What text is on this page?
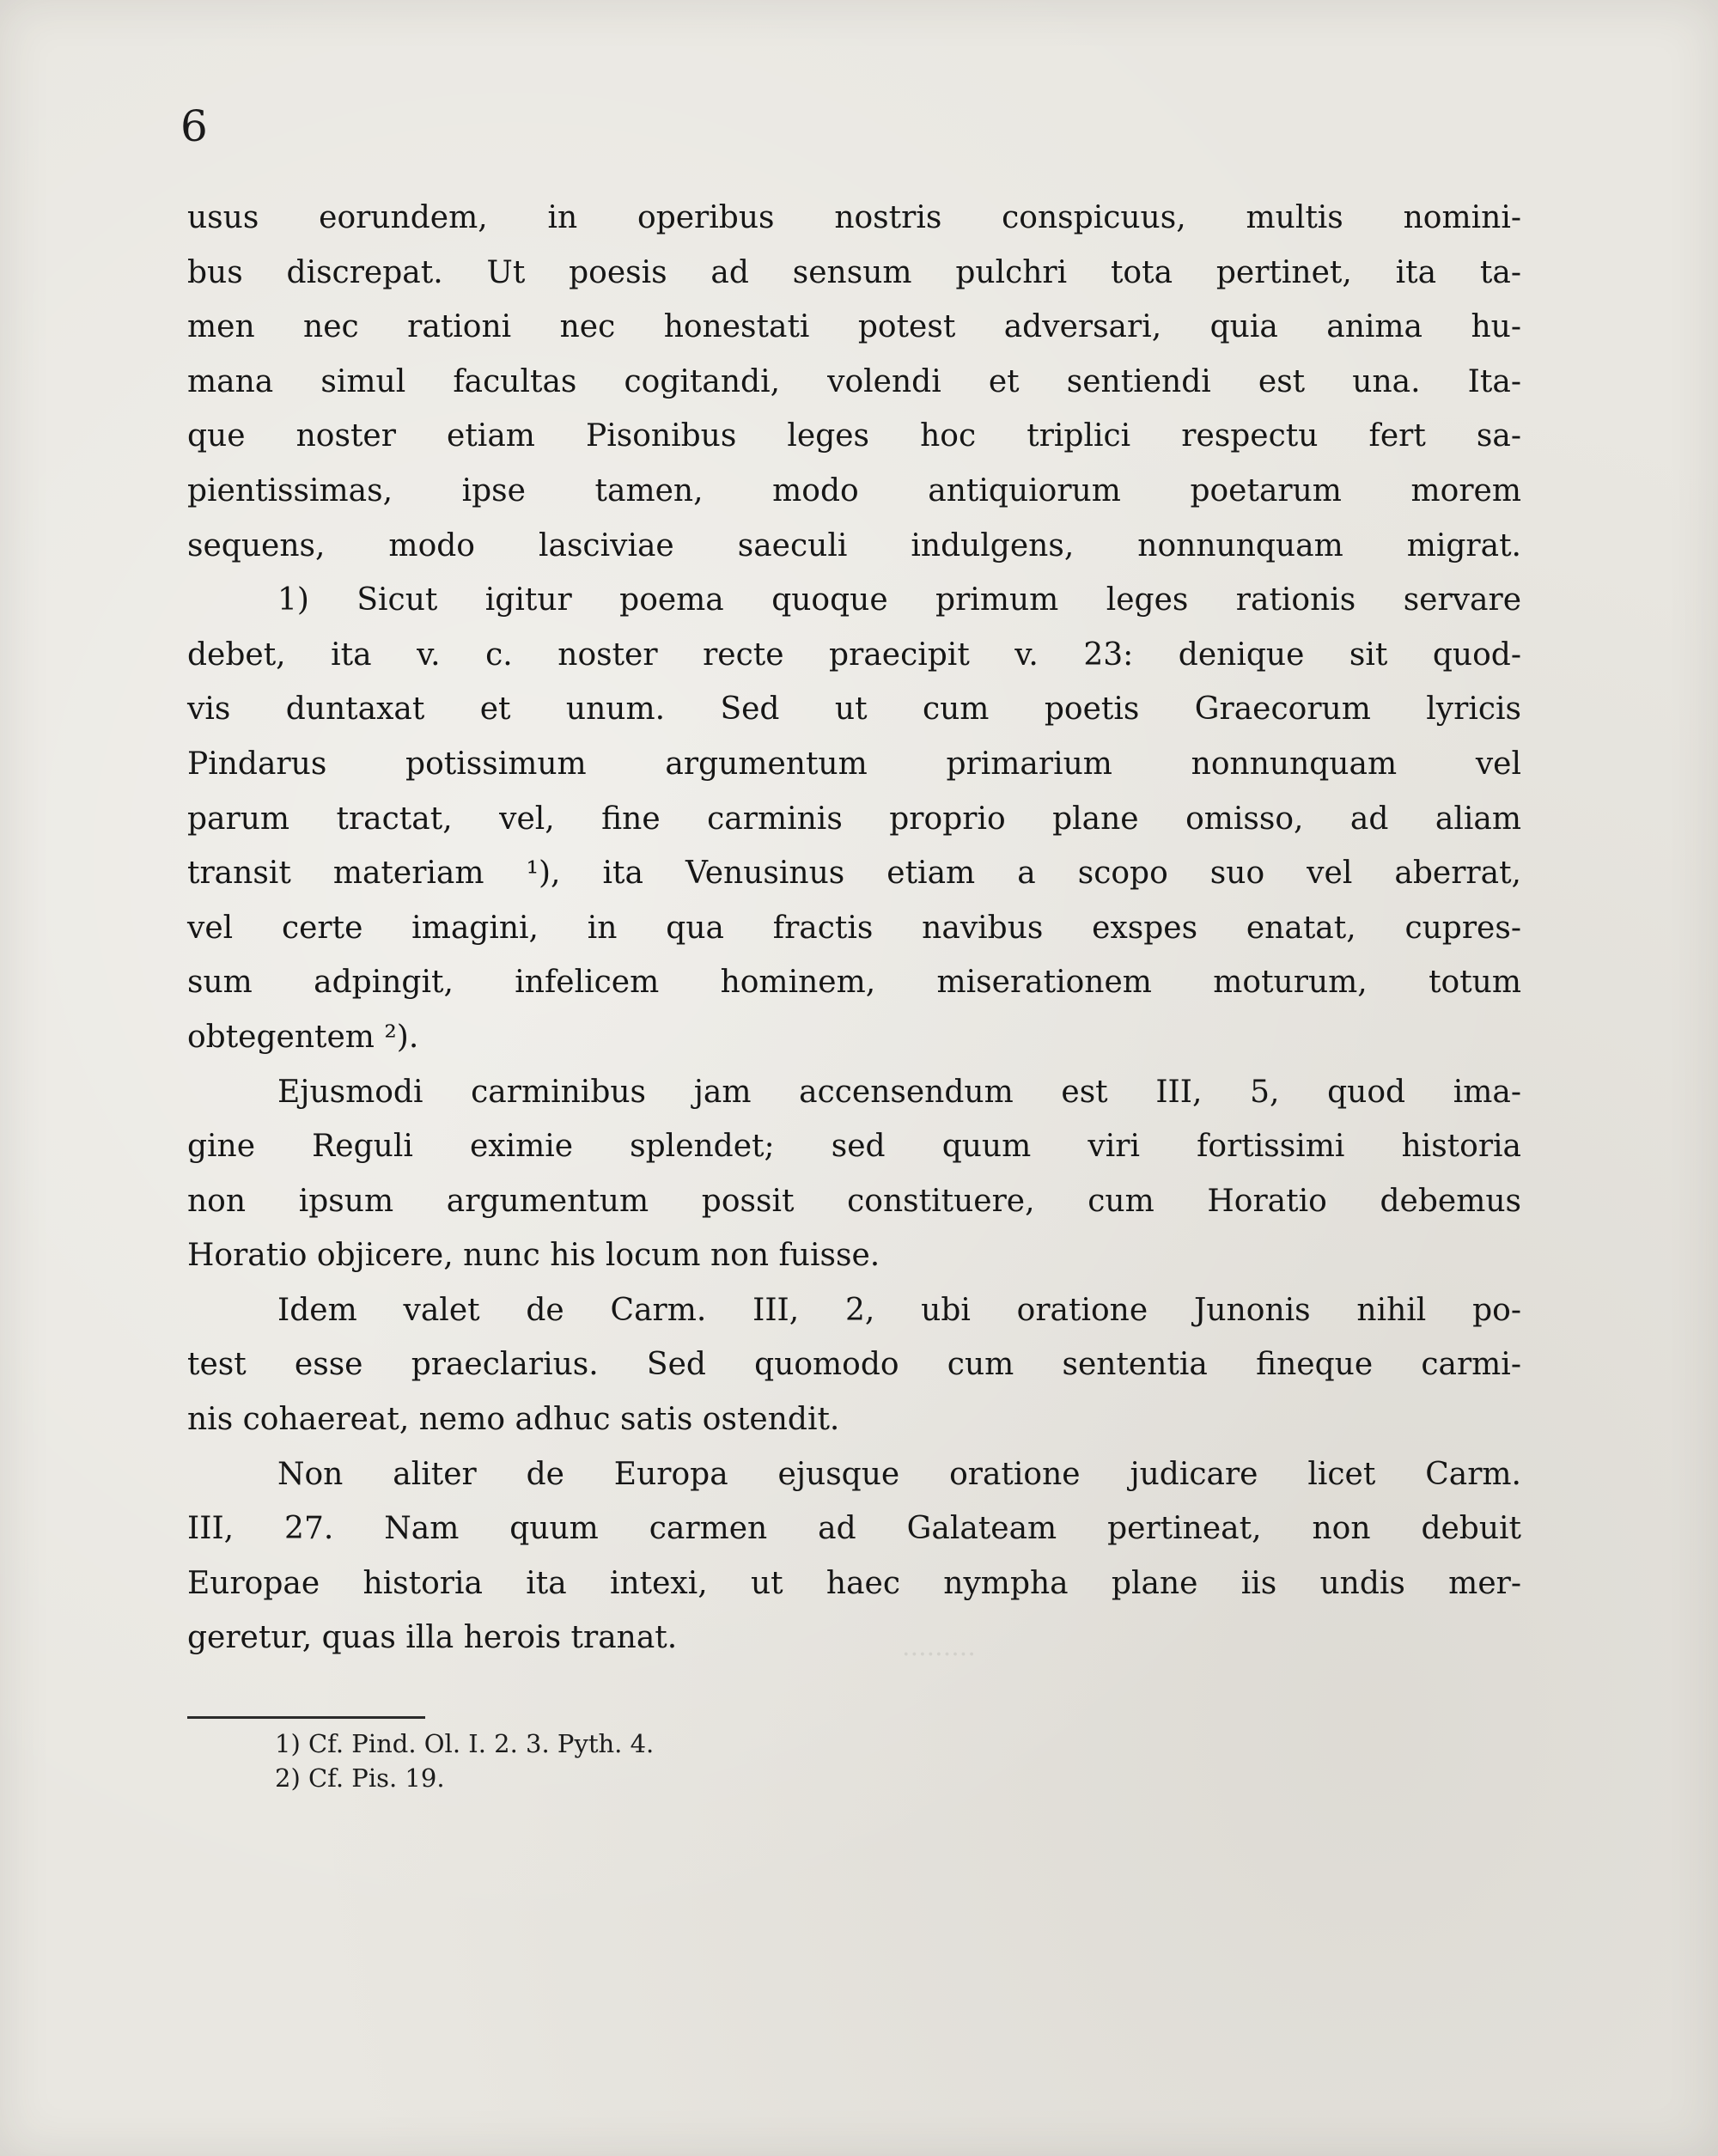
.........
6
usus eorundem, in operibus nostris conspicuus, multis nomini-
bus discrepat. Ut poesis ad sensum pulchri tota pertinet, ita ta-
men nec rationi nec honestati potest adversari, quia anima hu-
mana simul facultas cogitandi, volendi et sentiendi est una. Ita-
que noster etiam Pisonibus leges hoc triplici respectu fert sa-
pientissimas, ipse tamen, modo antiquiorum poetarum morem
sequens, modo lasciviae saeculi indulgens, nonnunquam migrat.
1) Sicut igitur poema quoque primum leges rationis servare
debet, ita v. c. noster recte praecipit v. 23: denique sit quod-
vis duntaxat et unum. Sed ut cum poetis Graecorum lyricis
Pindarus potissimum argumentum primarium nonnunquam vel
parum tractat, vel, fine carminis proprio plane omisso, ad aliam
transit materiam ¹), ita Venusinus etiam a scopo suo vel aberrat,
vel certe imagini, in qua fractis navibus exspes enatat, cupres-
sum adpingit, infelicem hominem, miserationem moturum, totum
obtegentem ²).
Ejusmodi carminibus jam accensendum est III, 5, quod ima-
gine Reguli eximie splendet; sed quum viri fortissimi historia
non ipsum argumentum possit constituere, cum Horatio debemus
Horatio objicere, nunc his locum non fuisse.
Idem valet de Carm. III, 2, ubi oratione Junonis nihil po-
test esse praeclarius. Sed quomodo cum sententia fineque carmi-
nis cohaereat, nemo adhuc satis ostendit.
Non aliter de Europa ejusque oratione judicare licet Carm.
III, 27. Nam quum carmen ad Galateam pertineat, non debuit
Europae historia ita intexi, ut haec nympha plane iis undis mer-
geretur, quas illa herois tranat.
1) Cf. Pind. Ol. I. 2. 3. Pyth. 4.
2) Cf. Pis. 19.
